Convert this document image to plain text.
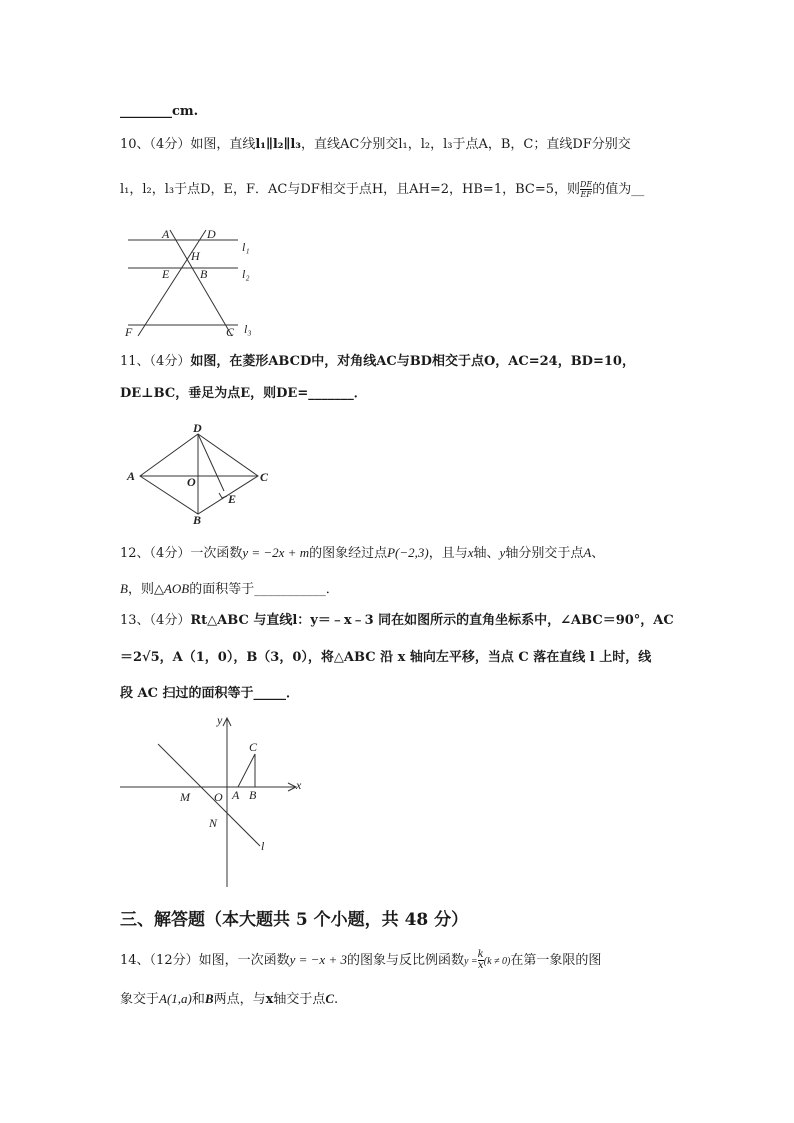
________cm.
10、（4分）如图，直线l₁∥l₂∥l₃，直线AC分别交l₁，l₂，l₃于点A，B，C；直线DF分别交
l₁，l₂，l₃于点D，E，F．AC与DF相交于点H，且AH=2，HB=1，BC=5，则 $\frac{DE}{EF}$ 的值为__
A	D
l₁
H
E	B	l₂
F	C l₃
11、（4分）如图，在菱形ABCD中，对角线AC与BD相交于点O，AC=24，BD=10，
DE⊥BC，垂足为点E，则DE=_______．
A
D
C
B
O
E
12、（4分）一次函数y = −2x + m的图象经过点P(−2,3)，且与x轴、y轴分别交于点A、
B，则△AOB的面积等于___________．
13、（4分）Rt△ABC 与直线l：y＝﹣x﹣3 同在如图所示的直角坐标系中，∠ABC＝90°，AC
＝2√5，A（1，0），B（3，0），将△ABC 沿 x 轴向左平移，当点 C 落在直线 l 上时，线
段 AC 扫过的面积等于_____．
y
x
C
M O A B
N
l
三、解答题（本大题共 5 个小题，共 48 分）
14、（12分）如图，一次函数y = −x + 3的图象与反比例函数$y = \frac{k}{x} (k \ne 0)$在第一象限的图
象交于A(1,a)和B两点，与x轴交于点C.
